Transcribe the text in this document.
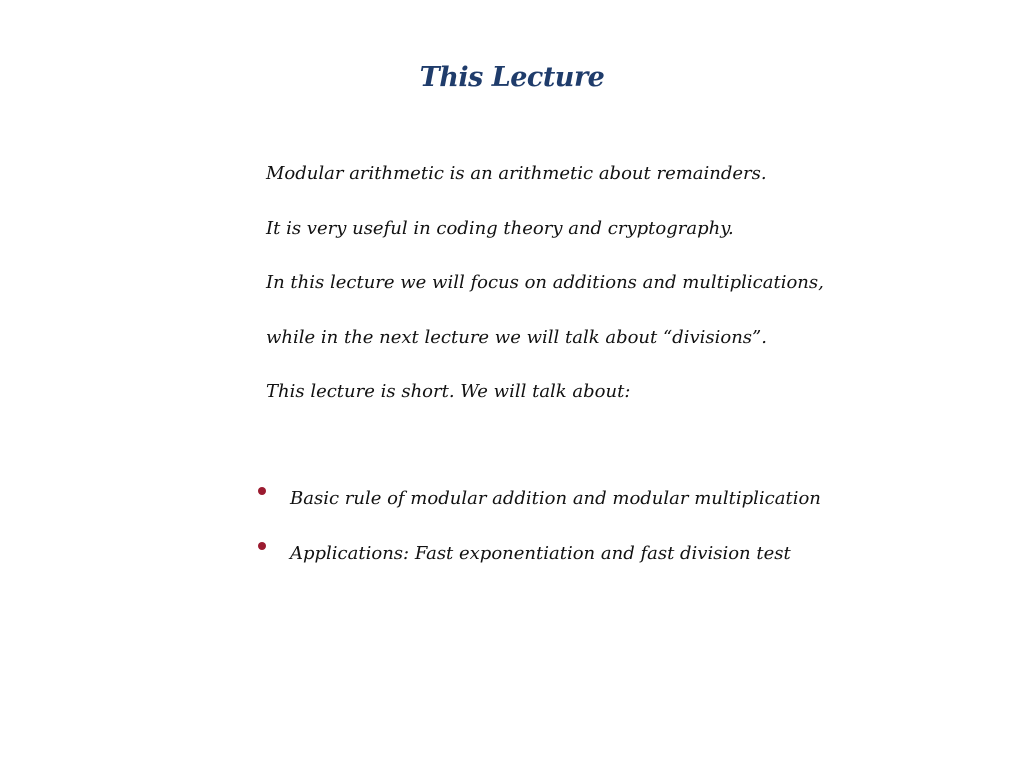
This Lecture
Modular arithmetic is an arithmetic about remainders.
It is very useful in coding theory and cryptography.
In this lecture we will focus on additions and multiplications,
while in the next lecture we will talk about “divisions”.
This lecture is short. We will talk about:
Basic rule of modular addition and modular multiplication
Applications: Fast exponentiation and fast division test
